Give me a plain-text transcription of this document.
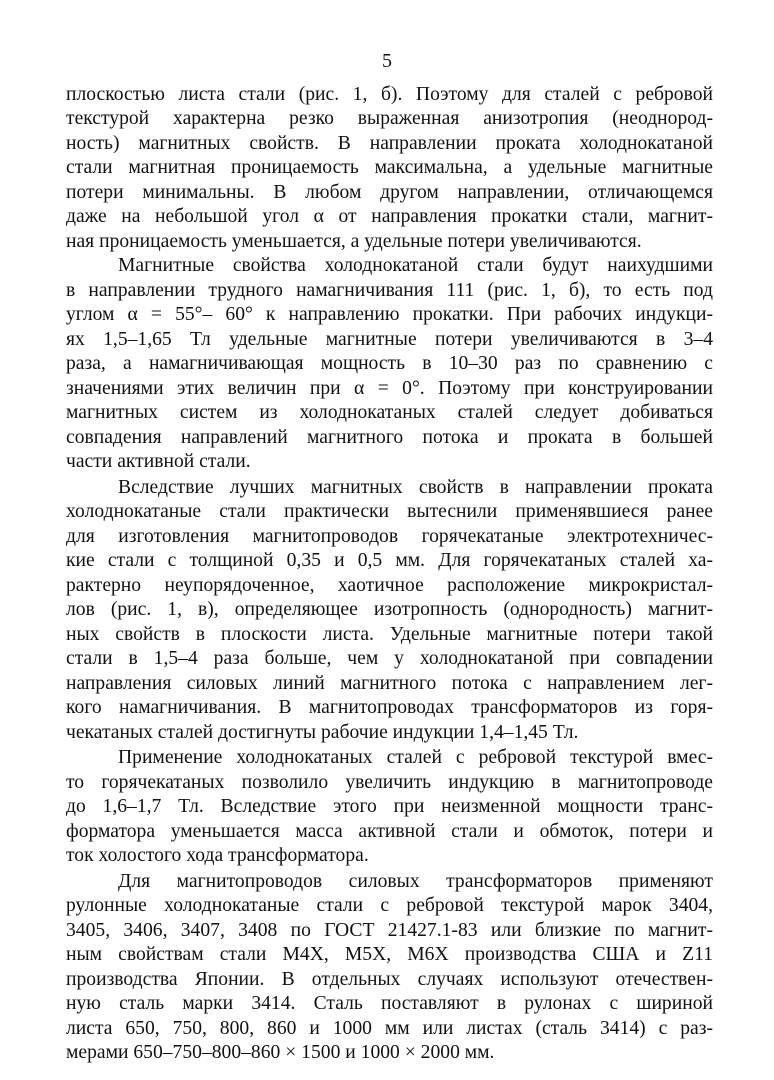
5
плоскостью листа стали (рис. 1, б). Поэтому для сталей с ребровой
текстурой характерна резко выраженная анизотропия (неоднород-
ность) магнитных свойств. В направлении проката холоднокатаной
стали магнитная проницаемость максимальна, а удельные магнитные
потери минимальны. В любом другом направлении, отличающемся
даже на небольшой угол α от направления прокатки стали, магнит-
ная проницаемость уменьшается, а удельные потери увеличиваются.
Магнитные свойства холоднокатаной стали будут наихудшими
в направлении трудного намагничивания 111 (рис. 1, б), то есть под
углом α = 55°– 60° к направлению прокатки. При рабочих индукци-
ях 1,5–1,65 Тл удельные магнитные потери увеличиваются в 3–4
раза, а намагничивающая мощность в 10–30 раз по сравнению с
значениями этих величин при α = 0°. Поэтому при конструировании
магнитных систем из холоднокатаных сталей следует добиваться
совпадения направлений магнитного потока и проката в большей
части активной стали.
Вследствие лучших магнитных свойств в направлении проката
холоднокатаные стали практически вытеснили применявшиеся ранее
для изготовления магнитопроводов горячекатаные электротехничес-
кие стали с толщиной 0,35 и 0,5 мм. Для горячекатаных сталей ха-
рактерно неупорядоченное, хаотичное расположение микрокристал-
лов (рис. 1, в), определяющее изотропность (однородность) магнит-
ных свойств в плоскости листа. Удельные магнитные потери такой
стали в 1,5–4 раза больше, чем у холоднокатаной при совпадении
направления силовых линий магнитного потока с направлением лег-
кого намагничивания. В магнитопроводах трансформаторов из горя-
чекатаных сталей достигнуты рабочие индукции 1,4–1,45 Тл.
Применение холоднокатаных сталей с ребровой текстурой вмес-
то горячекатаных позволило увеличить индукцию в магнитопроводе
до 1,6–1,7 Тл. Вследствие этого при неизменной мощности транс-
форматора уменьшается масса активной стали и обмоток, потери и
ток холостого хода трансформатора.
Для магнитопроводов силовых трансформаторов применяют
рулонные холоднокатаные стали с ребровой текстурой марок 3404,
3405, 3406, 3407, 3408 по ГОСТ 21427.1-83 или близкие по магнит-
ным свойствам стали М4Х, М5Х, М6Х производства США и Z11
производства Японии. В отдельных случаях используют отечествен-
ную сталь марки 3414. Сталь поставляют в рулонах с шириной
листа 650, 750, 800, 860 и 1000 мм или листах (сталь 3414) с раз-
мерами 650–750–800–860 × 1500 и 1000 × 2000 мм.
